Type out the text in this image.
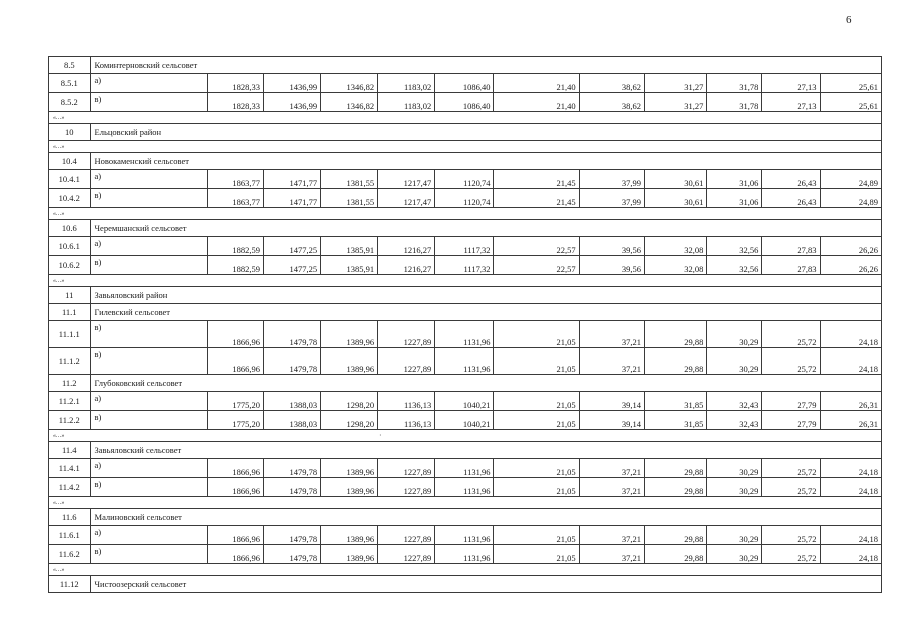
6
8.5	Коминтерновский сельсовет											
8.5.1	а)	1828,33	1436,99	1346,82	1183,02	1086,40	21,40	38,62	31,27	31,78	27,13	25,61
8.5.2	в)	1828,33	1436,99	1346,82	1183,02	1086,40	21,40	38,62	31,27	31,78	27,13	25,61
«…»												
10	Ельцовский район											
«…»												
10.4	Новокаменский сельсовет											
10.4.1	а)	1863,77	1471,77	1381,55	1217,47	1120,74	21,45	37,99	30,61	31,06	26,43	24,89
10.4.2	в)	1863,77	1471,77	1381,55	1217,47	1120,74	21,45	37,99	30,61	31,06	26,43	24,89
«…»												
10.6	Черемшанский сельсовет											
10.6.1	а)	1882,59	1477,25	1385,91	1216,27	1117,32	22,57	39,56	32,08	32,56	27,83	26,26
10.6.2	в)	1882,59	1477,25	1385,91	1216,27	1117,32	22,57	39,56	32,08	32,56	27,83	26,26
«…»												
11	Завьяловский район											
11.1	Гилевский сельсовет											
11.1.1	в)	1866,96	1479,78	1389,96	1227,89	1131,96	21,05	37,21	29,88	30,29	25,72	24,18
11.1.2	в)	1866,96	1479,78	1389,96	1227,89	1131,96	21,05	37,21	29,88	30,29	25,72	24,18
11.2	Глубоковский сельсовет											
11.2.1	а)	1775,20	1388,03	1298,20	1136,13	1040,21	21,05	39,14	31,85	32,43	27,79	26,31
11.2.2	в)	1775,20	1388,03	1298,20	1136,13	1040,21	21,05	39,14	31,85	32,43	27,79	26,31
«…»												
11.4	Завьяловский сельсовет											
11.4.1	а)	1866,96	1479,78	1389,96	1227,89	1131,96	21,05	37,21	29,88	30,29	25,72	24,18
11.4.2	в)	1866,96	1479,78	1389,96	1227,89	1131,96	21,05	37,21	29,88	30,29	25,72	24,18
«…»												
11.6	Малиновский сельсовет											
11.6.1	а)	1866,96	1479,78	1389,96	1227,89	1131,96	21,05	37,21	29,88	30,29	25,72	24,18
11.6.2	в)	1866,96	1479,78	1389,96	1227,89	1131,96	21,05	37,21	29,88	30,29	25,72	24,18
«…»												
11.12	Чистоозерский сельсовет											
·
